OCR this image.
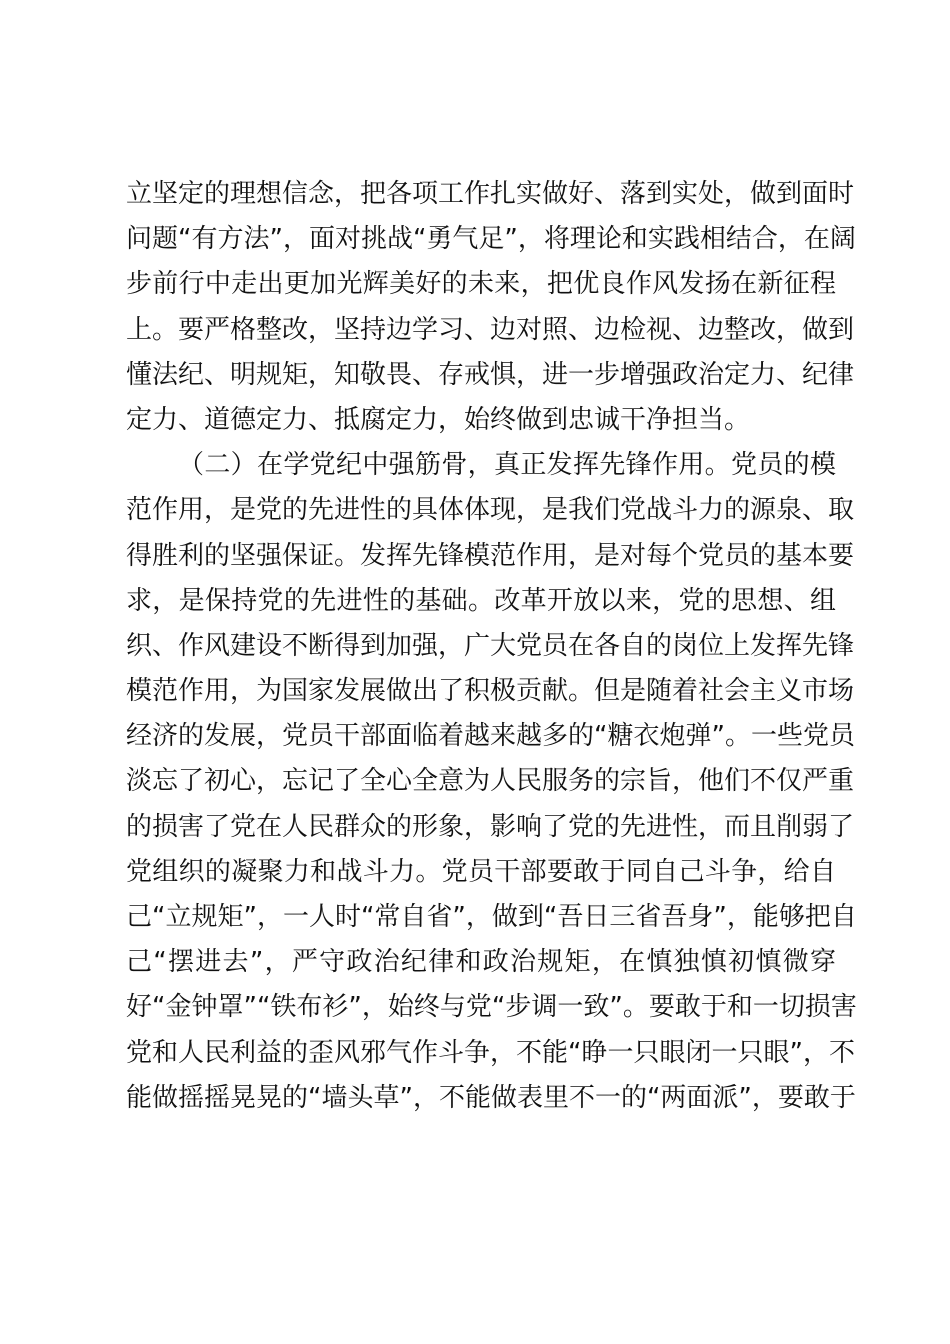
立坚定的理想信念，把各项工作扎实做好、落到实处，做到面时
问题“有方法”，面对挑战“勇气足”，将理论和实践相结合，在阔
步前行中走出更加光辉美好的未来，把优良作风发扬在新征程
上。要严格整改，坚持边学习、边对照、边检视、边整改，做到
懂法纪、明规矩，知敬畏、存戒惧，进一步增强政治定力、纪律
定力、道德定力、抵腐定力，始终做到忠诚干净担当。
（二）在学党纪中强筋骨，真正发挥先锋作用。党员的模
范作用，是党的先进性的具体体现，是我们党战斗力的源泉、取
得胜利的坚强保证。发挥先锋模范作用，是对每个党员的基本要
求，是保持党的先进性的基础。改革开放以来，党的思想、组
织、作风建设不断得到加强，广大党员在各自的岗位上发挥先锋
模范作用，为国家发展做出了积极贡献。但是随着社会主义市场
经济的发展，党员干部面临着越来越多的“糖衣炮弹”。一些党员
淡忘了初心，忘记了全心全意为人民服务的宗旨，他们不仅严重
的损害了党在人民群众的形象，影响了党的先进性，而且削弱了
党组织的凝聚力和战斗力。党员干部要敢于同自己斗争，给自
己“立规矩”，一人时“常自省”，做到“吾日三省吾身”，能够把自
己“摆进去”，严守政治纪律和政治规矩，在慎独慎初慎微穿
好“金钟罩”“铁布衫”，始终与党“步调一致”。要敢于和一切损害
党和人民利益的歪风邪气作斗争，不能“睁一只眼闭一只眼”，不
能做摇摇晃晃的“墙头草”，不能做表里不一的“两面派”，要敢于
